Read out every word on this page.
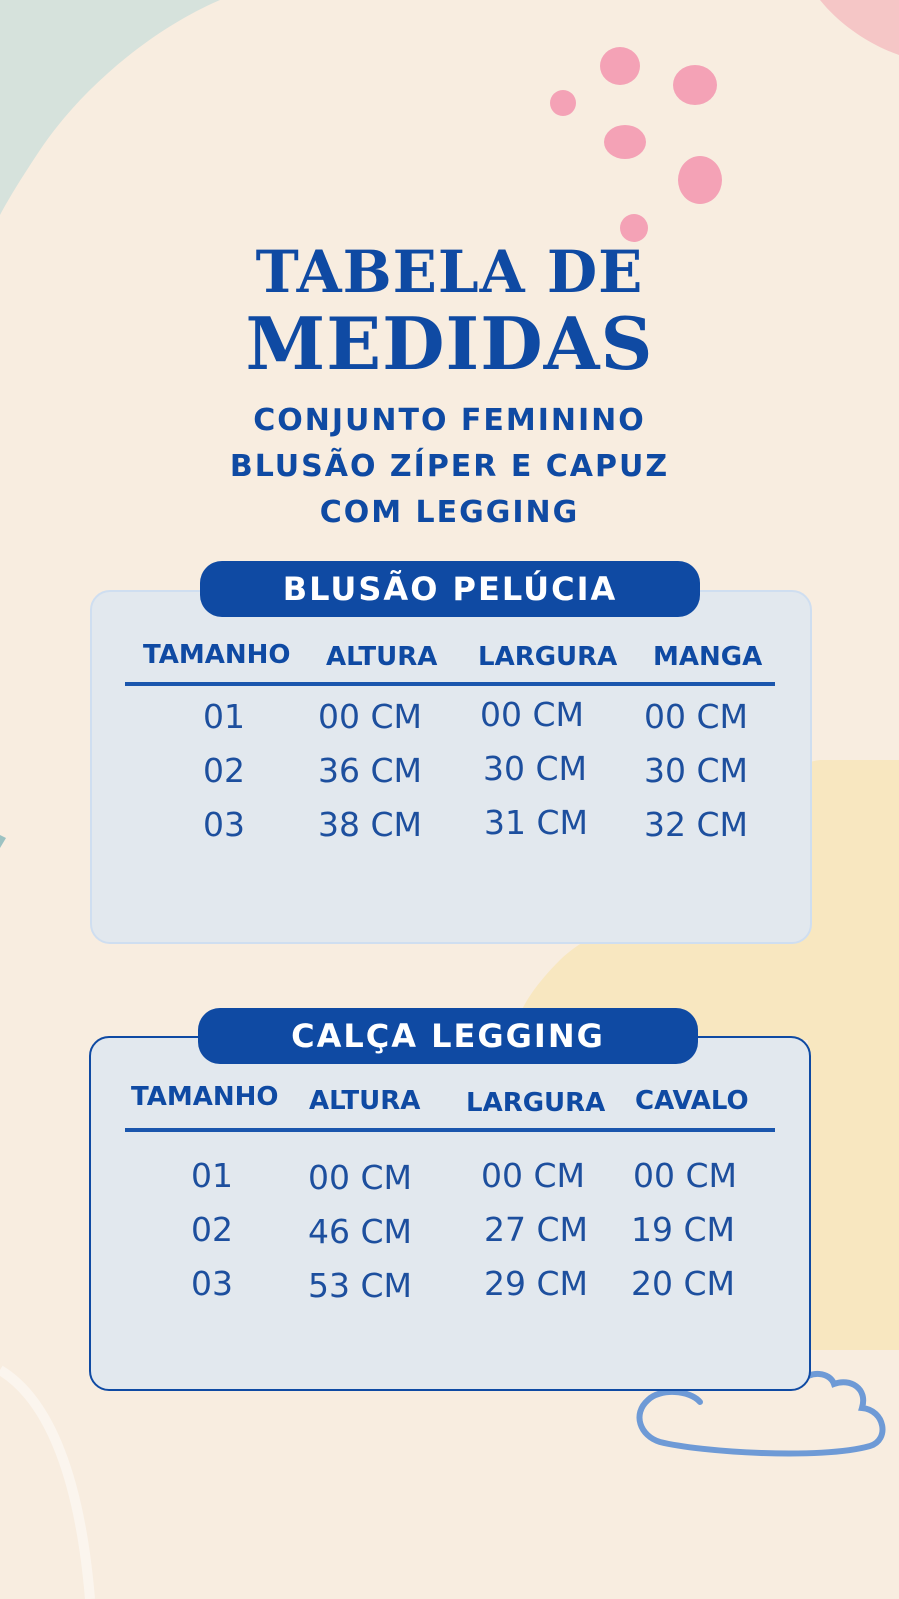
TABELA DE
MEDIDAS
CONJUNTO FEMININO
BLUSÃO ZÍPER E CAPUZ
COM LEGGING
BLUSÃO PELÚCIA
TAMANHO ALTURA LARGURA MANGA
01 00 CM 00 CM 00 CM
02 36 CM 30 CM 30 CM
03 38 CM 31 CM 32 CM
CALÇA LEGGING
TAMANHO ALTURA LARGURA CAVALO
01 00 CM 00 CM 00 CM
02 46 CM 27 CM 19 CM
03 53 CM 29 CM 20 CM
